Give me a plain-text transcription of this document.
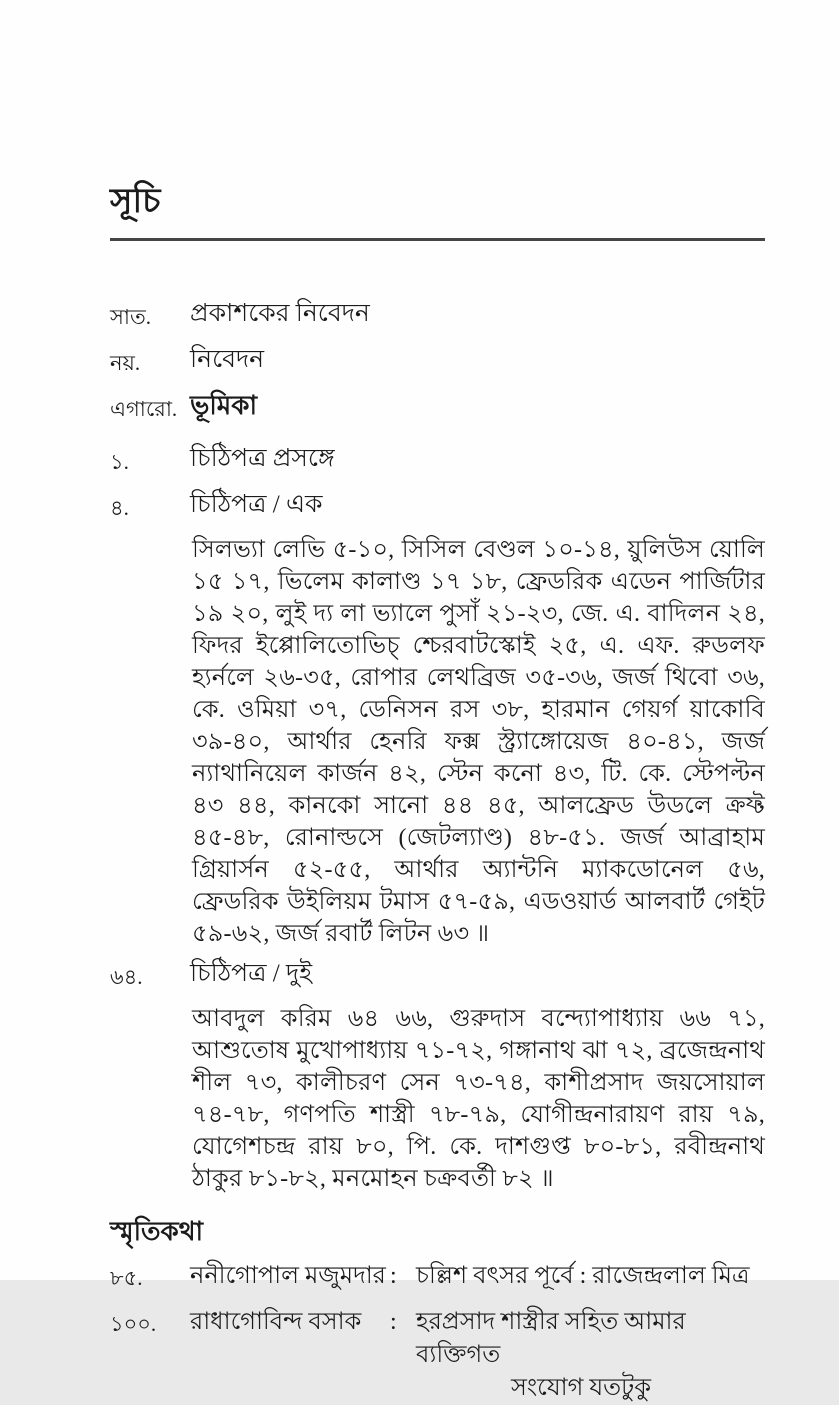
সূচি
সাত.	প্রকাশকের নিবেদন
নয়.	নিবেদন
এগারো. ভূমিকা
১.	চিঠিপত্র প্রসঙ্গে
৪.	চিঠিপত্র / এক
সিলভ্যা লেভি ৫-১০, সিসিল বেণ্ডল ১০-১৪, য়ুলিউস য়োলি ১৫ ১৭, ভিলেম কালাণ্ড ১৭ ১৮, ফ্রেডরিক এডেন পার্জিটার ১৯ ২০, লুই দ্য লা ভ্যালে পুসাঁ ২১-২৩, জে. এ. বাদিলন ২৪, ফিদর ইপ্পোলিতোভিচ্ শ্চেরবাটস্কোই ২৫, এ. এফ. রুডলফ হ্যর্নলে ২৬-৩৫, রোপার লেথব্রিজ ৩৫-৩৬, জর্জ থিবো ৩৬, কে. ওমিয়া ৩৭, ডেনিসন রস ৩৮, হারমান গেয়র্গ য়াকোবি ৩৯-৪০, আর্থার হেনরি ফক্স স্ট্র্যাঙ্গোয়েজ ৪০-৪১, জর্জ ন্যাথানিয়েল কার্জন ৪২, স্টেন কনো ৪৩, টি. কে. স্টেপল্টন ৪৩ ৪৪, কানকো সানো ৪৪ ৪৫, আলফ্রেড উডলে ক্রফ্ট ৪৫-৪৮, রোনাল্ডসে (জেটল্যাণ্ড) ৪৮-৫১. জর্জ আব্রাহাম গ্রিয়ার্সন ৫২-৫৫, আর্থার অ্যান্টনি ম্যাকডোনেল ৫৬, ফ্রেডরিক উইলিয়ম টমাস ৫৭-৫৯, এডওয়ার্ড আলবার্ট গেইট ৫৯-৬২, জর্জ রবার্ট লিটন ৬৩ ॥
৬৪.	চিঠিপত্র / দুই
আবদুল করিম ৬৪ ৬৬, গুরুদাস বন্দ্যোপাধ্যায় ৬৬ ৭১, আশুতোষ মুখোপাধ্যায় ৭১-৭২, গঙ্গানাথ ঝা ৭২, ব্রজেন্দ্রনাথ শীল ৭৩, কালীচরণ সেন ৭৩-৭৪, কাশীপ্রসাদ জয়সোয়াল ৭৪-৭৮, গণপতি শাস্ত্রী ৭৮-৭৯, যোগীন্দ্রনারায়ণ রায় ৭৯, যোগেশচন্দ্র রায় ৮০, পি. কে. দাশগুপ্ত ৮০-৮১, রবীন্দ্রনাথ ঠাকুর ৮১-৮২, মনমোহন চক্রবর্তী ৮২ ॥
স্মৃতিকথা
৮৫.	ননীগোপাল মজুমদার : চল্লিশ বৎসর পূর্বে : রাজেন্দ্রলাল মিত্র
১০০.	রাধাগোবিন্দ বসাক	: হরপ্রসাদ শাস্ত্রীর সহিত আমার ব্যক্তিগত
সংযোগ যতটুকু
